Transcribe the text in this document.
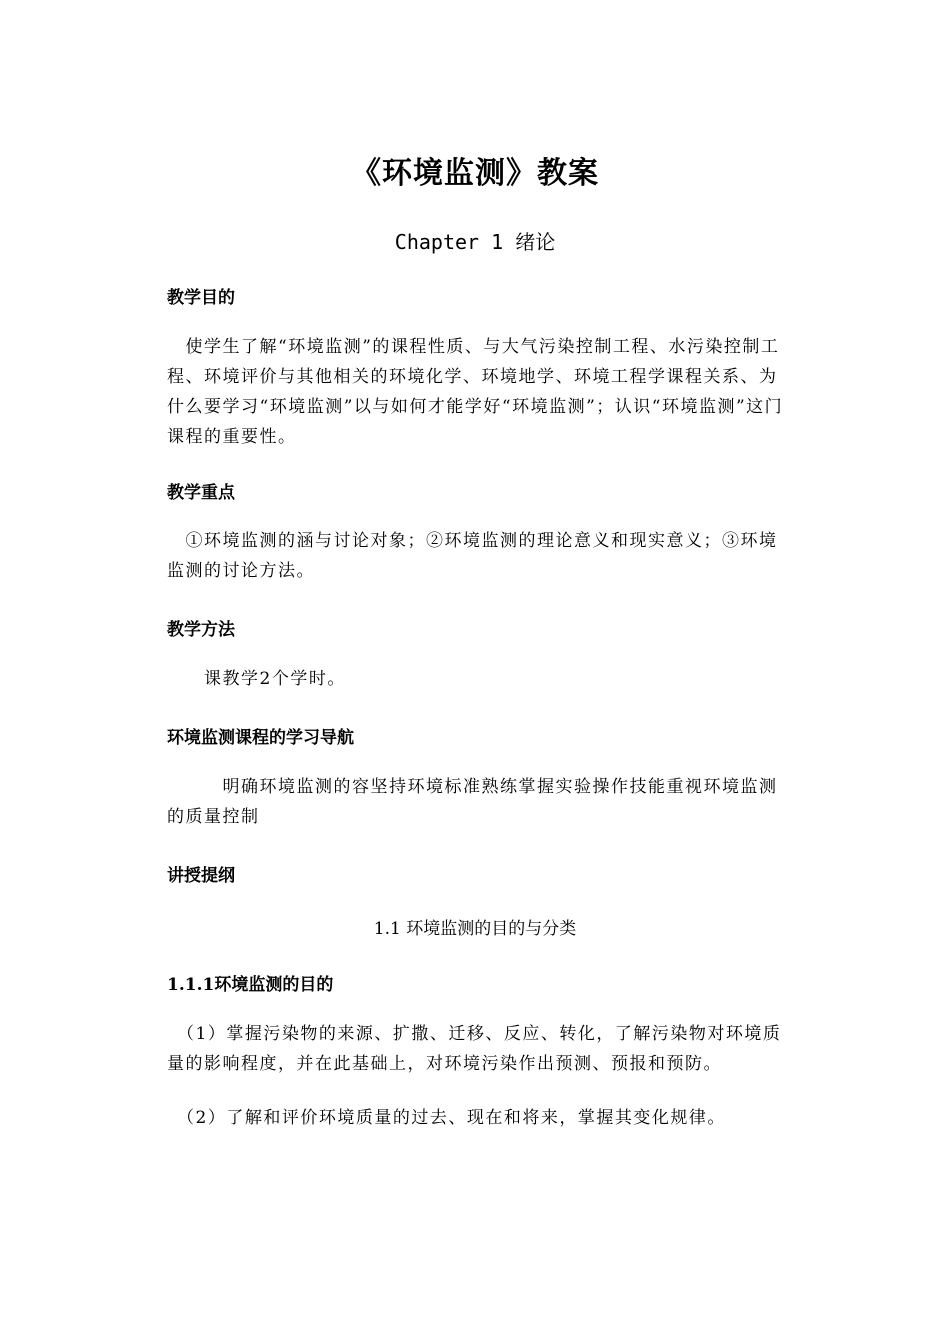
《环境监测》教案
Chapter 1 绪论
教学目的
　使学生了解“环境监测”的课程性质、与大气污染控制工程、水污染控制工程、环境评价与其他相关的环境化学、环境地学、环境工程学课程关系、为什么要学习“环境监测”以与如何才能学好“环境监测”；认识“环境监测”这门课程的重要性。
教学重点
　①环境监测的涵与讨论对象；②环境监测的理论意义和现实意义；③环境监测的讨论方法。
教学方法
　　课教学2个学时。
环境监测课程的学习导航
　　　明确环境监测的容坚持环境标准熟练掌握实验操作技能重视环境监测的质量控制
讲授提纲
1.1 环境监测的目的与分类
1.1.1环境监测的目的
　（1）掌握污染物的来源、扩撒、迁移、反应、转化，了解污染物对环境质量的影响程度，并在此基础上，对环境污染作出预测、预报和预防。
　（2）了解和评价环境质量的过去、现在和将来，掌握其变化规律。
